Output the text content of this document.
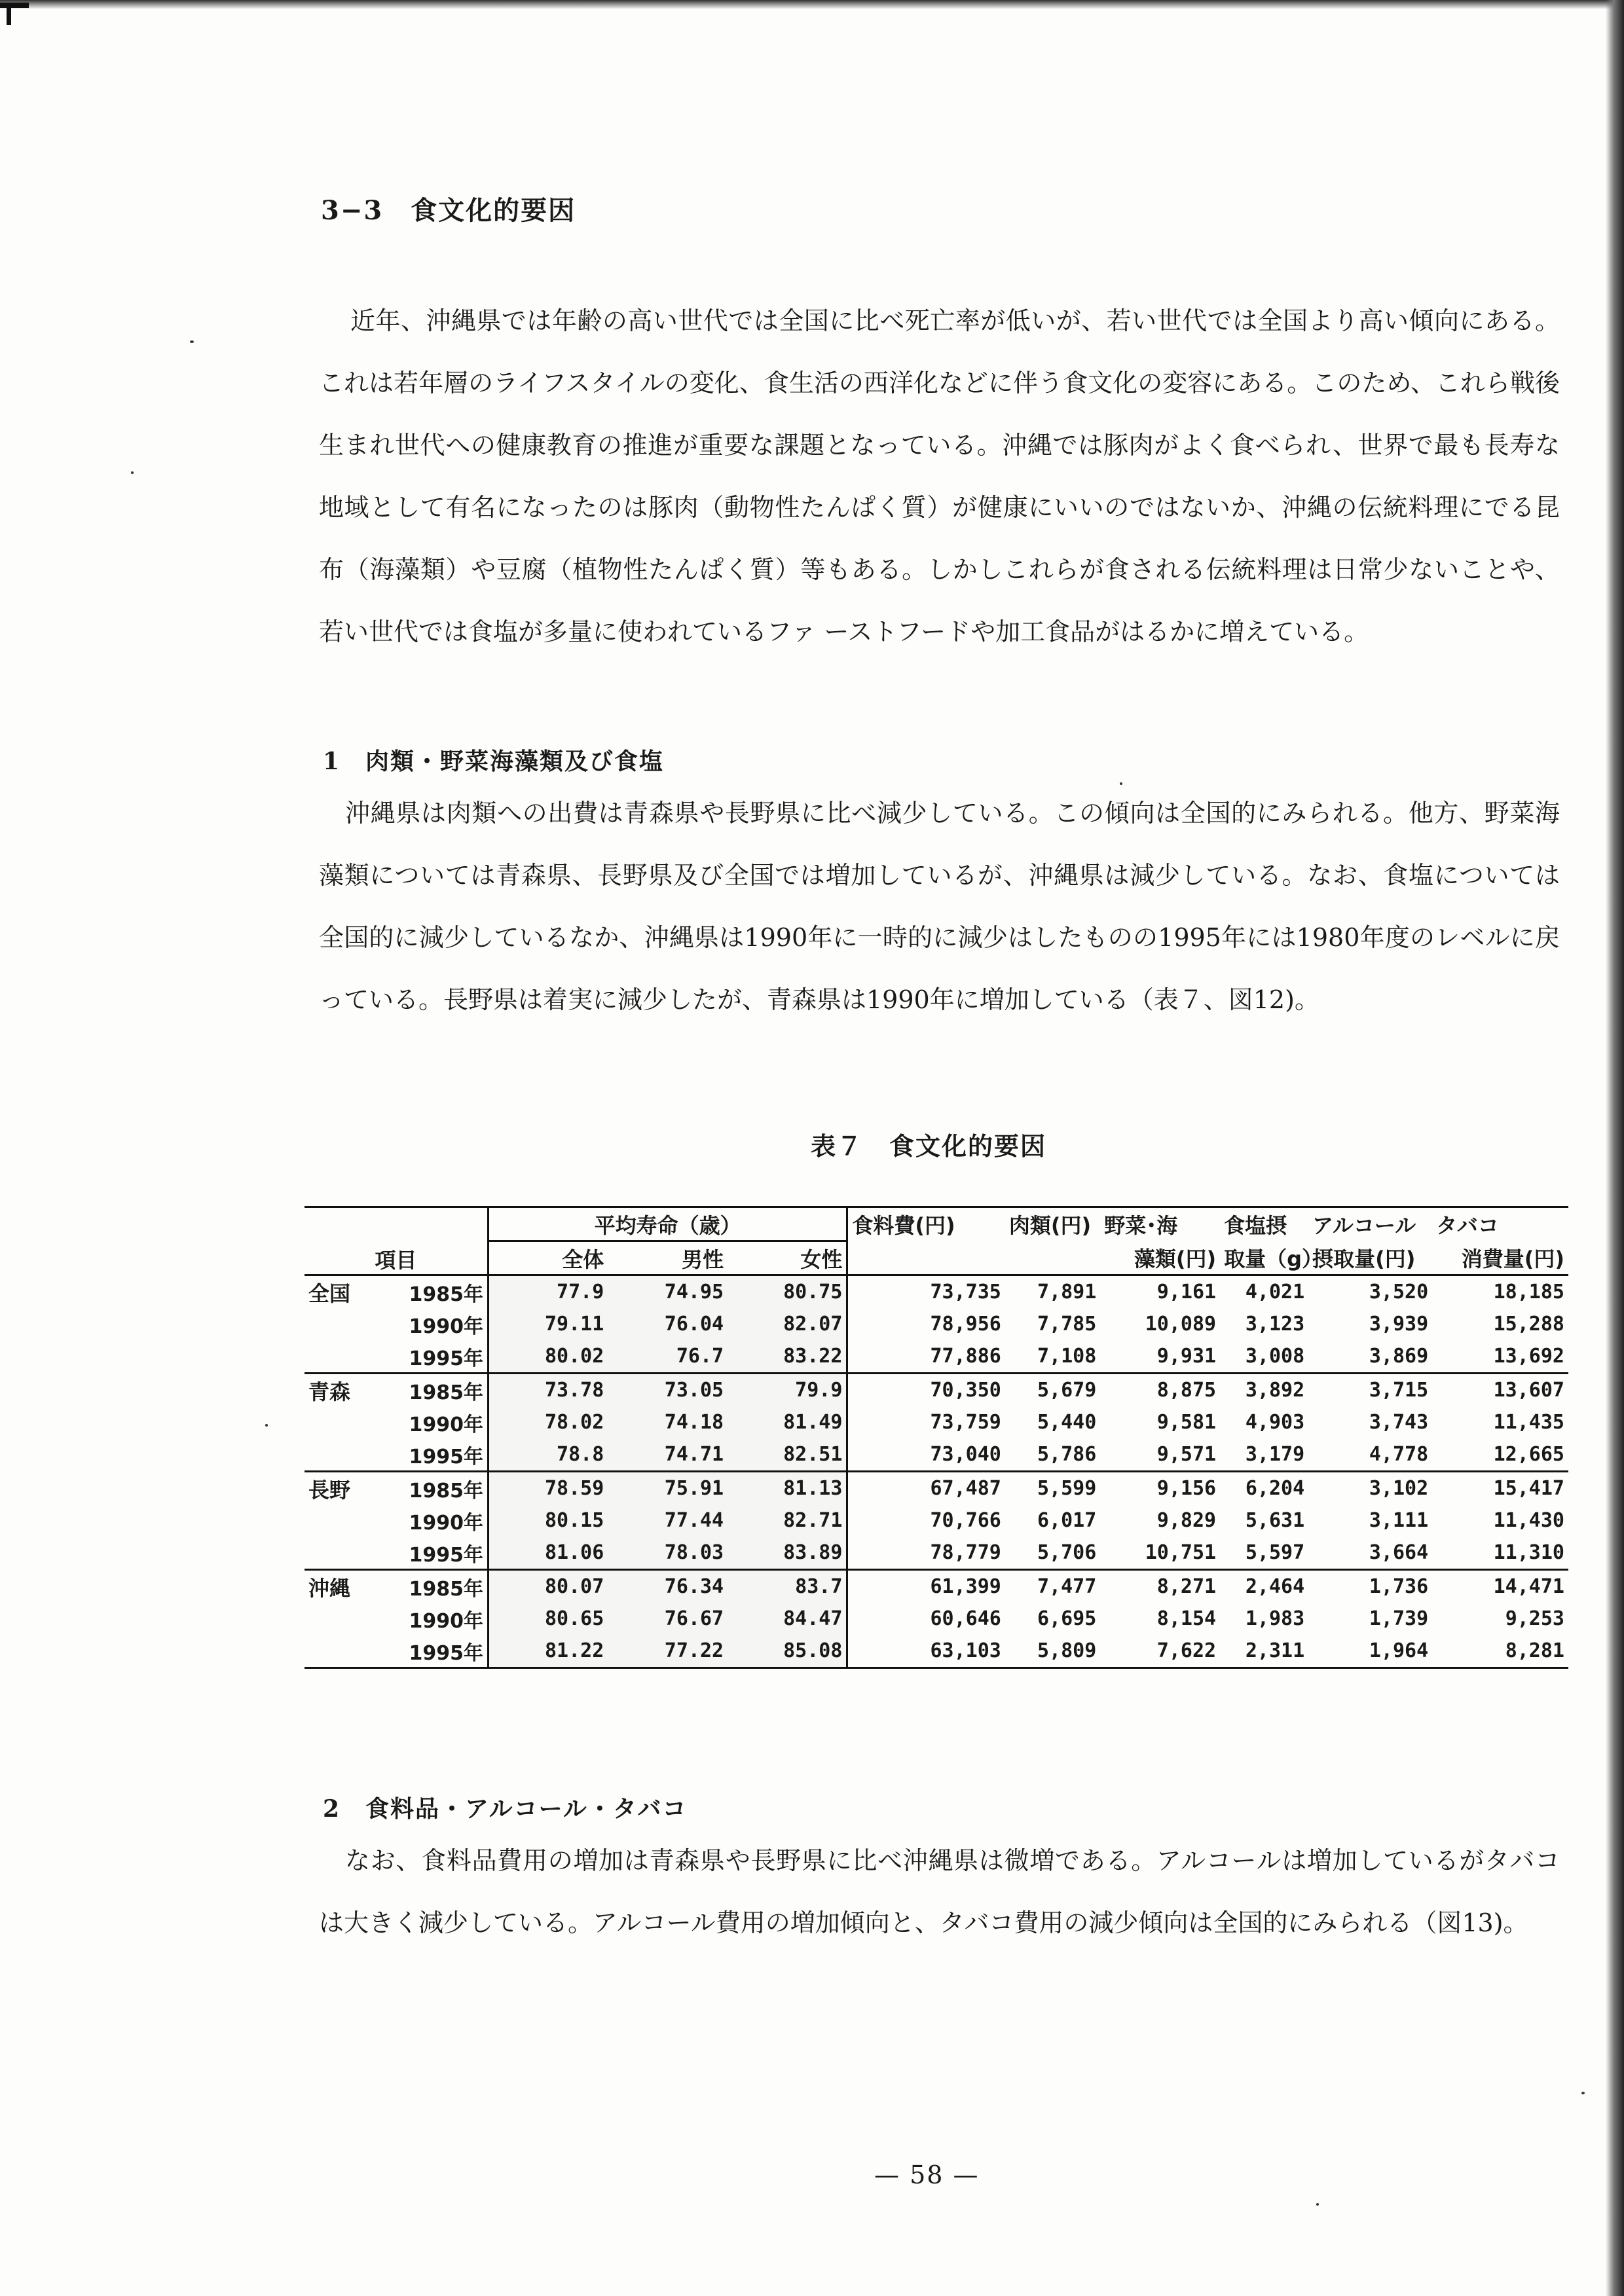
3−3　食文化的要因
近年、沖縄県では年齢の高い世代では全国に比べ死亡率が低いが、若い世代では全国より高い傾向にある。 これは若年層のライフスタイルの変化、食生活の西洋化などに伴う食文化の変容にある。このため、これら戦後生まれ世代への健康教育の推進が重要な課題となっている。沖縄では豚肉がよく食べられ、世界で最も長寿な地域として有名になったのは豚肉（動物性たんぱく質）が健康にいいのではないか、沖縄の伝統料理にでる昆布（海藻類）や豆腐（植物性たんぱく質）等もある。しかしこれらが食される伝統料理は日常少ないことや、若い世代では食塩が多量に使われているファ ーストフードや加工食品がはるかに増えている。
1　肉類・野菜海藻類及び食塩
沖縄県は肉類への出費は青森県や長野県に比べ減少している。この傾向は全国的にみられる。他方、野菜海藻類については青森県、長野県及び全国では増加しているが、沖縄県は減少している。なお、食塩については全国的に減少しているなか、沖縄県は1990年に一時的に減少はしたものの1995年には1980年度のレベルに戻っている。長野県は着実に減少したが、青森県は1990年に増加している（表７、図12)。
表７　食文化的要因
項目		平均寿命（歳）			食料費(円)	肉類(円)	野菜･海	食塩摂	アルコール	タバコ
		全体	男性	女性			藻類(円)	取量（g）	摂取量(円)	消費量(円)
全国	1985年	77.9	74.95	80.75	73,735	7,891	9,161	4,021	3,520	18,185
	1990年	79.11	76.04	82.07	78,956	7,785	10,089	3,123	3,939	15,288
	1995年	80.02	76.7	83.22	77,886	7,108	9,931	3,008	3,869	13,692
青森	1985年	73.78	73.05	79.9	70,350	5,679	8,875	3,892	3,715	13,607
	1990年	78.02	74.18	81.49	73,759	5,440	9,581	4,903	3,743	11,435
	1995年	78.8	74.71	82.51	73,040	5,786	9,571	3,179	4,778	12,665
長野	1985年	78.59	75.91	81.13	67,487	5,599	9,156	6,204	3,102	15,417
	1990年	80.15	77.44	82.71	70,766	6,017	9,829	5,631	3,111	11,430
	1995年	81.06	78.03	83.89	78,779	5,706	10,751	5,597	3,664	11,310
沖縄	1985年	80.07	76.34	83.7	61,399	7,477	8,271	2,464	1,736	14,471
	1990年	80.65	76.67	84.47	60,646	6,695	8,154	1,983	1,739	9,253
	1995年	81.22	77.22	85.08	63,103	5,809	7,622	2,311	1,964	8,281
2　食料品・アルコール・タバコ
なお、食料品費用の増加は青森県や長野県に比べ沖縄県は微増である。アルコールは増加しているがタバコは大きく減少している。アルコール費用の増加傾向と、タバコ費用の減少傾向は全国的にみられる（図13)。
— 58 —
